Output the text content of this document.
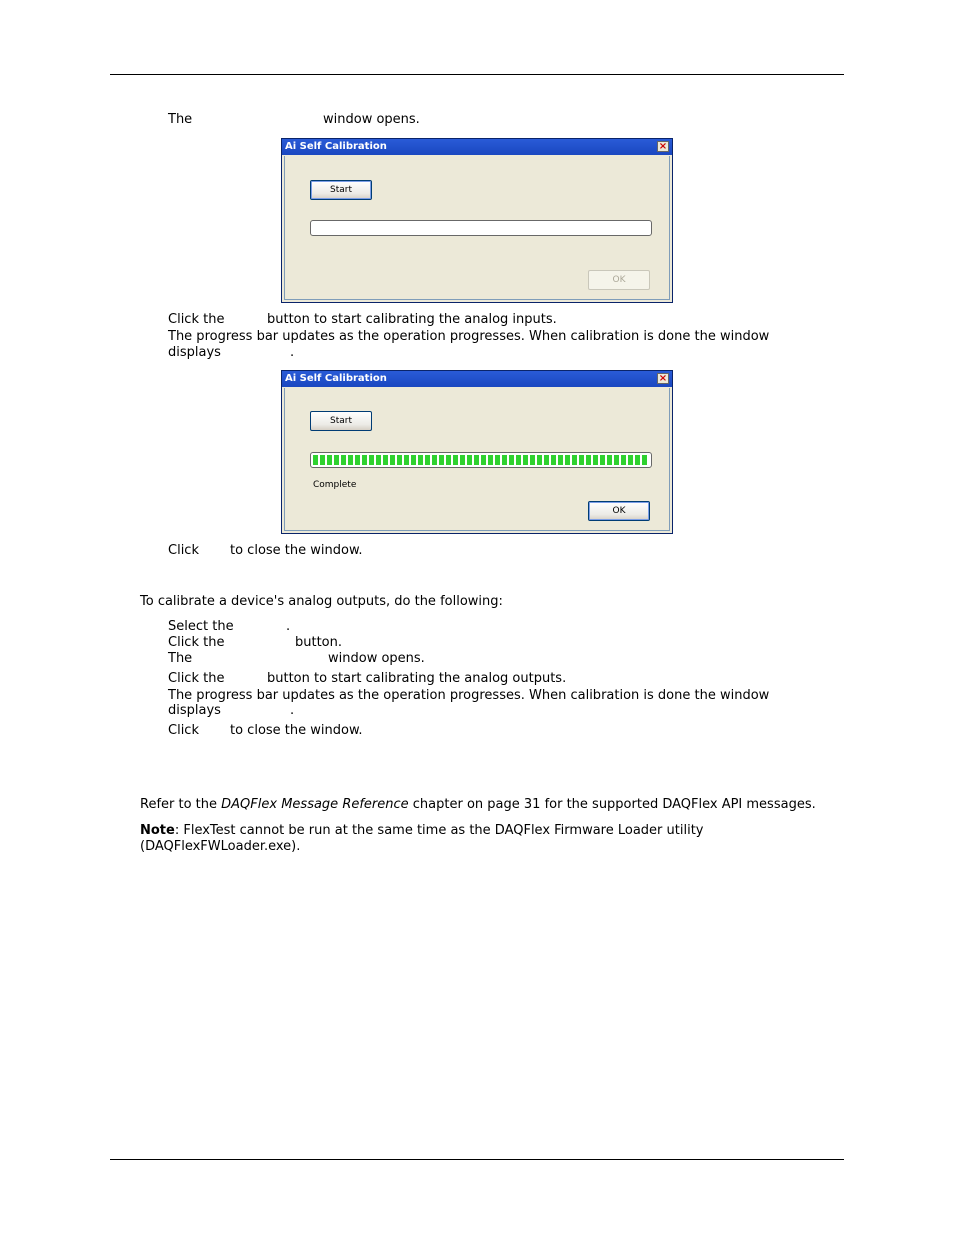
The	window opens.
Ai Self Calibration	×
Start
OK
Click the	button to start calibrating the analog inputs.
The progress bar updates as the operation progresses. When calibration is done the window
displays	.
Ai Self Calibration	×
Start
Complete
OK
Click to close the window.
To calibrate a device's analog outputs, do the following:
Select the	.
Click the	button.
The	window opens.
Click the	button to start calibrating the analog outputs.
The progress bar updates as the operation progresses. When calibration is done the window
displays	.
Click to close the window.
Refer to the DAQFlex Message Reference chapter on page 31 for the supported DAQFlex API messages.
Note: FlexTest cannot be run at the same time as the DAQFlex Firmware Loader utility
(DAQFlexFWLoader.exe).
